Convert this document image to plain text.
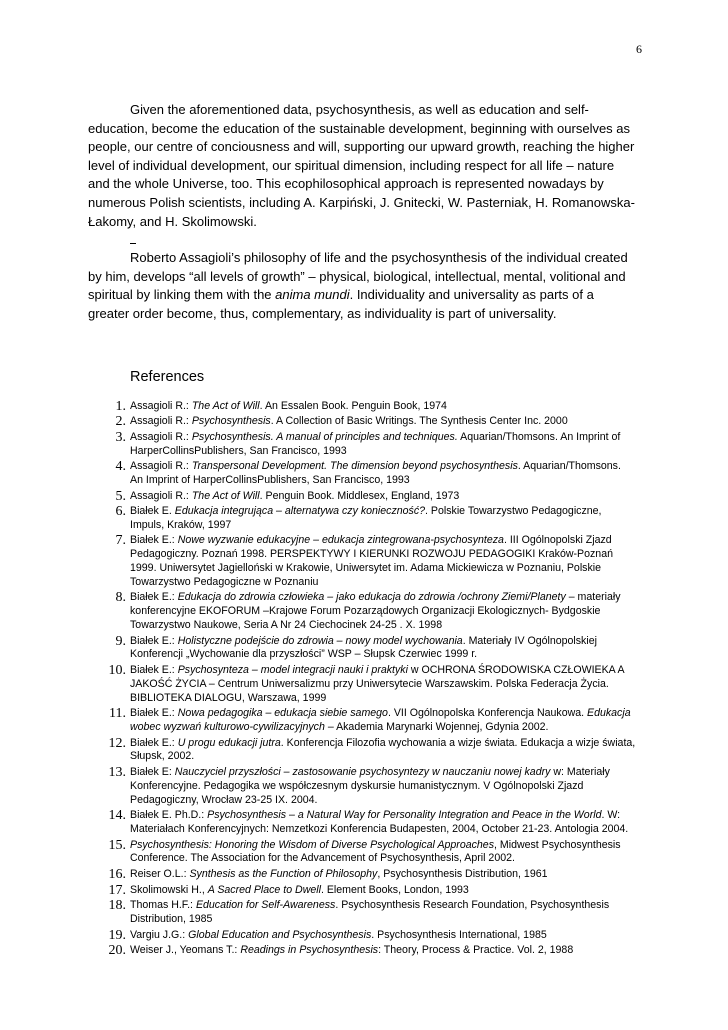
6

Given the aforementioned data, psychosynthesis, as well as education and self-education, become the education of the sustainable development, beginning with ourselves as people, our centre of conciousness and will, supporting our upward growth, reaching the higher level of individual development, our spiritual dimension, including respect for all life – nature and the whole Universe, too. This ecophilosophical approach is represented nowadays by numerous Polish scientists, including A. Karpiński, J. Gnitecki, W. Pasterniak, H. Romanowska- Łakomy, and H. Skolimowski.

Roberto Assagioli’s philosophy of life and the psychosynthesis of the individual created by him, develops “all levels of growth” – physical, biological, intellectual, mental, volitional and spiritual by linking them with the anima mundi. Individuality and universality as parts of a greater order become, thus, complementary, as individuality is part of universality.

References
1. Assagioli R.: The Act of Will. An Essalen Book. Penguin Book, 1974
2. Assagioli R.: Psychosynthesis. A Collection of Basic Writings. The Synthesis Center Inc. 2000
3. Assagioli R.: Psychosynthesis. A manual of principles and techniques. Aquarian/Thomsons. An Imprint of HarperCollinsPublishers, San Francisco, 1993
4. Assagioli R.: Transpersonal Development. The dimension beyond psychosynthesis. Aquarian/Thomsons. An Imprint of HarperCollinsPublishers, San Francisco, 1993
5. Assagioli R.: The Act of Will. Penguin Book. Middlesex, England, 1973
6. Białek E. Edukacja integrująca – alternatywa czy konieczność?. Polskie Towarzystwo Pedagogiczne, Impuls, Kraków, 1997
7. Białek E.: Nowe wyzwanie edukacyjne – edukacja zintegrowana-psychosynteza. III Ogólnopolski Zjazd Pedagogiczny. Poznań 1998. PERSPEKTYWY I KIERUNKI ROZWOJU PEDAGOGIKI Kraków-Poznań 1999. Uniwersytet Jagielloński w Krakowie, Uniwersytet im. Adama Mickiewicza w Poznaniu, Polskie Towarzystwo Pedagogiczne w Poznaniu
8. Białek E.: Edukacja do zdrowia człowieka – jako edukacja do zdrowia /ochrony Ziemi/Planety – materiały konferencyjne EKOFORUM –Krajowe Forum Pozarządowych Organizacji Ekologicznych- Bydgoskie Towarzystwo Naukowe, Seria A Nr 24 Ciechocinek 24-25 . X. 1998
9. Białek E.: Holistyczne podejście do zdrowia – nowy model wychowania. Materiały IV Ogólnopolskiej Konferencji „Wychowanie dla przyszłości” WSP – Słupsk Czerwiec 1999 r.
10. Białek E.: Psychosynteza – model integracji nauki i praktyki w OCHRONA ŚRODOWISKA CZŁOWIEKA A JAKOŚĆ ŻYCIA – Centrum Uniwersalizmu przy Uniwersytecie Warszawskim. Polska Federacja Życia. BIBLIOTEKA DIALOGU, Warszawa, 1999
11. Białek E.: Nowa pedagogika – edukacja siebie samego. VII Ogólnopolska Konferencja Naukowa. Edukacja wobec wyzwań kulturowo-cywilizacyjnych – Akademia Marynarki Wojennej, Gdynia 2002.
12. Białek E.: U progu edukacji jutra. Konferencja Filozofia wychowania a wizje świata. Edukacja a wizje świata, Słupsk, 2002.
13. Białek E: Nauczyciel przyszłości – zastosowanie psychosyntezy w nauczaniu nowej kadry w: Materiały Konferencyjne. Pedagogika we współczesnym dyskursie humanistycznym. V Ogólnopolski Zjazd Pedagogiczny, Wrocław 23-25 IX. 2004.
14. Białek E. Ph.D.: Psychosynthesis – a Natural Way for Personality Integration and Peace in the World. W: Materiałach Konferencyjnych: Nemzetkozi Konferencia Budapesten, 2004, October 21-23. Antologia 2004.
15. Psychosynthesis: Honoring the Wisdom of Diverse Psychological Approaches, Midwest Psychosynthesis Conference. The Association for the Advancement of Psychosynthesis, April 2002.
16. Reiser O.L.: Synthesis as the Function of Philosophy, Psychosynthesis Distribution, 1961
17. Skolimowski H., A Sacred Place to Dwell. Element Books, London, 1993
18. Thomas H.F.: Education for Self-Awareness. Psychosynthesis Research Foundation, Psychosynthesis Distribution, 1985
19. Vargiu J.G.: Global Education and Psychosynthesis. Psychosynthesis International, 1985
20. Weiser J., Yeomans T.: Readings in Psychosynthesis: Theory, Process & Practice. Vol. 2, 1988
